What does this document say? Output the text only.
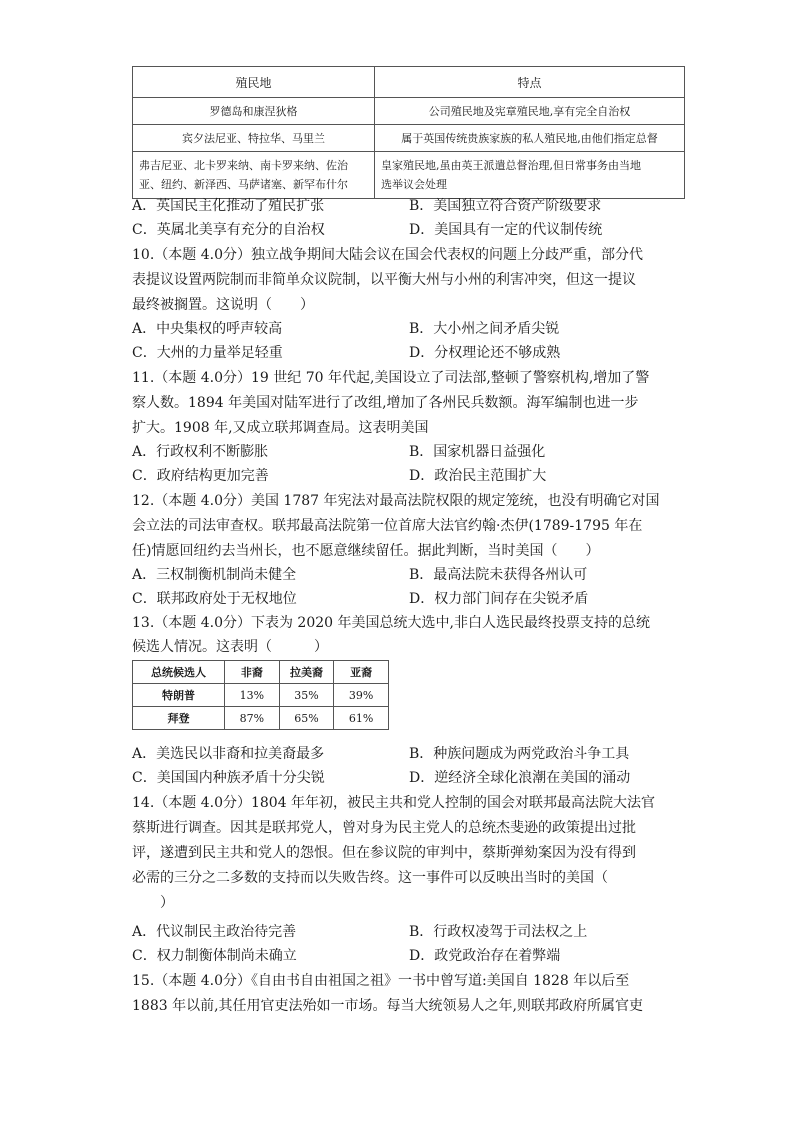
殖民地	特点
罗德岛和康涅狄格	公司殖民地及宪章殖民地,享有完全自治权
宾夕法尼亚、特拉华、马里兰	属于英国传统贵族家族的私人殖民地,由他们指定总督
弗吉尼亚、北卡罗来纳、南卡罗来纳、佐治
亚、纽约、新泽西、马萨诸塞、新罕布什尔	皇家殖民地,虽由英王派遣总督治理,但日常事务由当地
选举议会处理
A．英国民主化推动了殖民扩张	B．美国独立符合资产阶级要求
C．英属北美享有充分的自治权	D．美国具有一定的代议制传统
10.（本题 4.0分）独立战争期间大陆会议在国会代表权的问题上分歧严重，部分代
表提议设置两院制而非简单众议院制，以平衡大州与小州的利害冲突，但这一提议
最终被搁置。这说明（　　）
A．中央集权的呼声较高	B．大小州之间矛盾尖锐
C．大州的力量举足轻重	D．分权理论还不够成熟
11.（本题 4.0分）19 世纪 70 年代起,美国设立了司法部,整顿了警察机构,增加了警
察人数。1894 年美国对陆军进行了改组,增加了各州民兵数额。海军编制也进一步
扩大。1908 年,又成立联邦调查局。这表明美国
A．行政权利不断膨胀	B．国家机器日益强化
C．政府结构更加完善	D．政治民主范围扩大
12.（本题 4.0分）美国 1787 年宪法对最高法院权限的规定笼统，也没有明确它对国
会立法的司法审查权。联邦最高法院第一位首席大法官约翰·杰伊(1789-1795 年在
任)情愿回纽约去当州长，也不愿意继续留任。据此判断，当时美国（　　）
A．三权制衡机制尚未健全	B．最高法院未获得各州认可
C．联邦政府处于无权地位	D．权力部门间存在尖锐矛盾
13.（本题 4.0分）下表为 2020 年美国总统大选中,非白人选民最终投票支持的总统
候选人情况。这表明（　　　）
总统候选人	非裔	拉美裔	亚裔
特朗普	13%	35%	39%
拜登	87%	65%	61%
A．美选民以非裔和拉美裔最多	B．种族问题成为两党政治斗争工具
C．美国国内种族矛盾十分尖锐	D．逆经济全球化浪潮在美国的涌动
14.（本题 4.0分）1804 年年初，被民主共和党人控制的国会对联邦最高法院大法官
蔡斯进行调查。因其是联邦党人，曾对身为民主党人的总统杰斐逊的政策提出过批
评，遂遭到民主共和党人的怨恨。但在参议院的审判中，蔡斯弹劾案因为没有得到
必需的三分之二多数的支持而以失败告终。这一事件可以反映出当时的美国（
　　）
A．代议制民主政治待完善	B．行政权凌驾于司法权之上
C．权力制衡体制尚未确立	D．政党政治存在着弊端
15.（本题 4.0分）《自由书自由祖国之祖》一书中曾写道:美国自 1828 年以后至
1883 年以前,其任用官吏法殆如一市场。每当大统领易人之年,则联邦政府所属官吏
